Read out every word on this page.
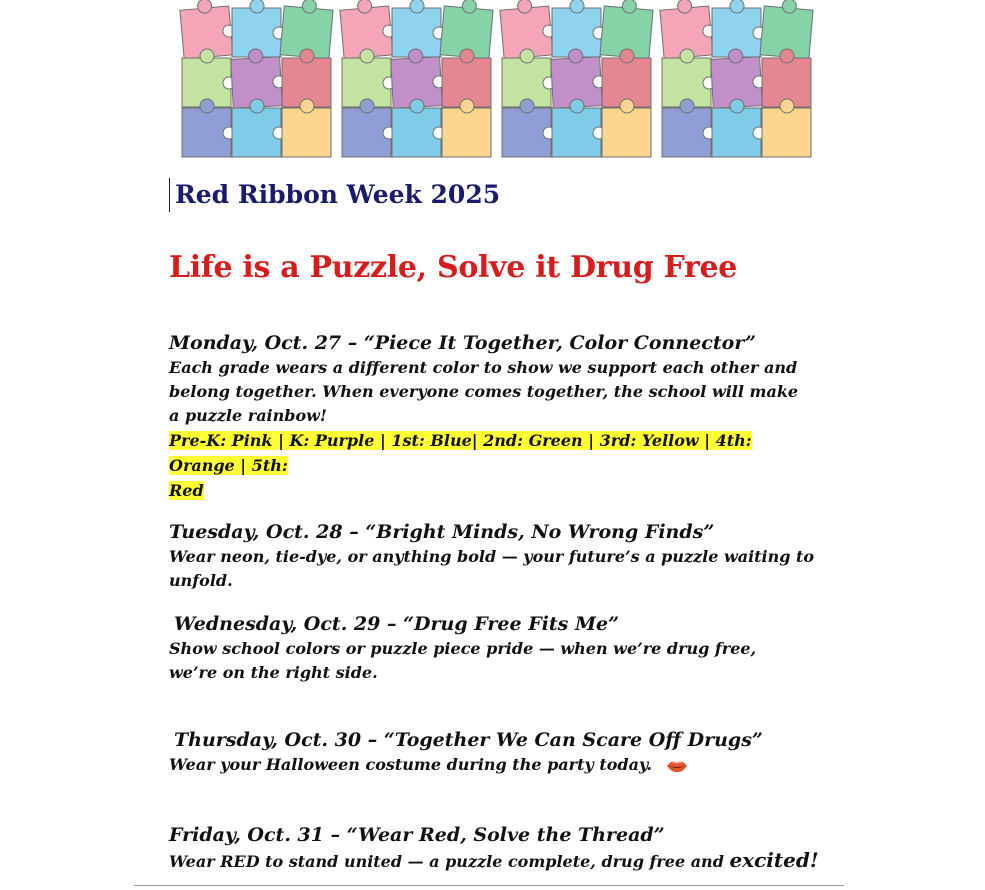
Red Ribbon Week 2025
Life is a Puzzle, Solve it Drug Free
Monday, Oct. 27 – “Piece It Together, Color Connector”
Each grade wears a different color to show we support each other and belong together. When everyone comes together, the school will make a puzzle rainbow!
Pre-K: Pink | K: Purple | 1st: Blue| 2nd: Green | 3rd: Yellow | 4th: Orange | 5th:
Red
Tuesday, Oct. 28 – “Bright Minds, No Wrong Finds”
Wear neon, tie-dye, or anything bold — your future’s a puzzle waiting to unfold.
Wednesday, Oct. 29 – “Drug Free Fits Me”
Show school colors or puzzle piece pride — when we’re drug free, we’re on the right side.
Thursday, Oct. 30 – “Together We Can Scare Off Drugs”
Wear your Halloween costume during the party today.
Friday, Oct. 31 – “Wear Red, Solve the Thread”
Wear RED to stand united — a puzzle complete, drug free and excited!
